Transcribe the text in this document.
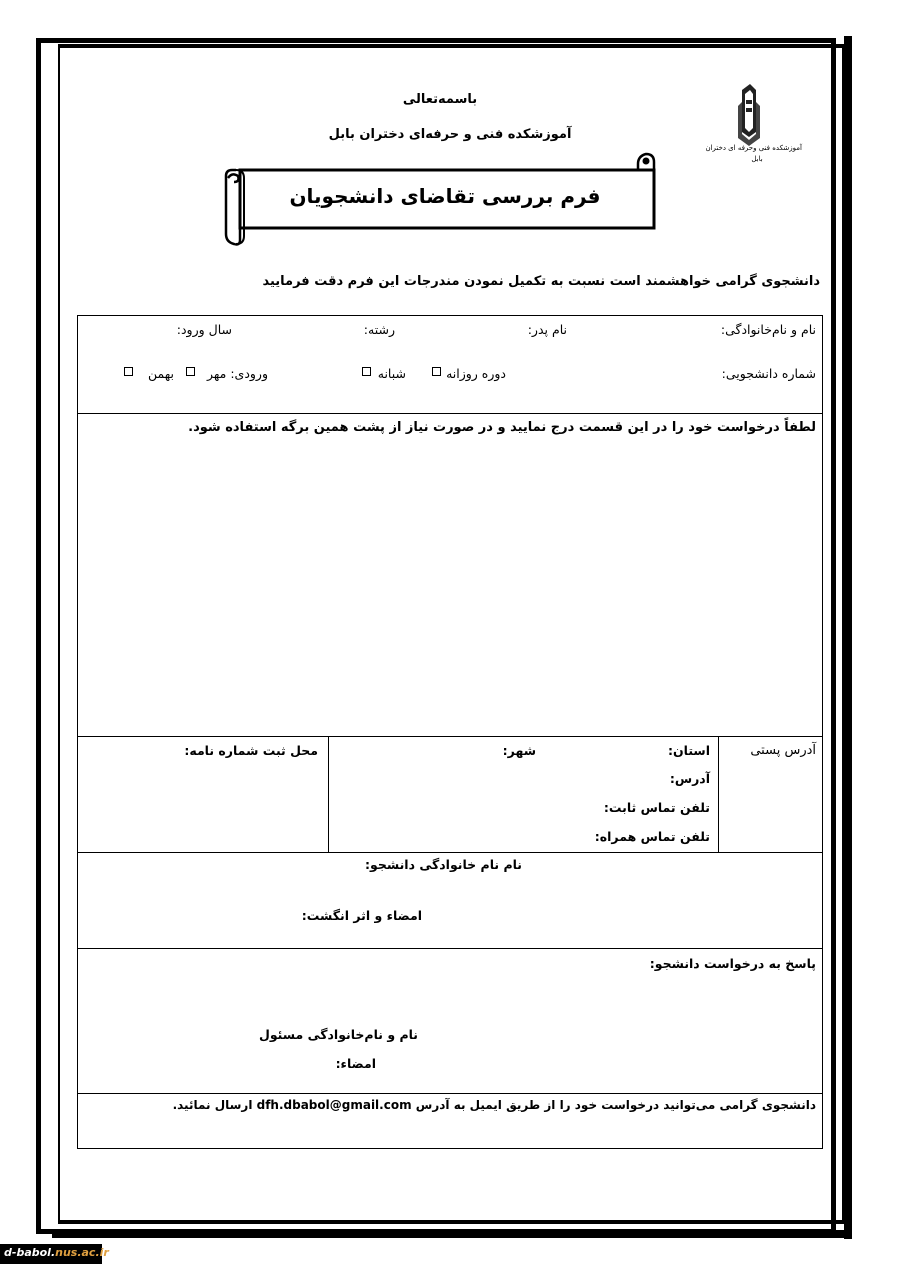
باسمه‌تعالی
آموزشکده فنی و حرفه‌ای دختران بابل
آموزشکده فنی وحرفه ای دختران
بابل
فرم بررسی تقاضای دانشجویان
دانشجوی گرامی خواهشمند است نسبت به تکمیل نمودن مندرجات این فرم دقت فرمایید
نام و نام‌خانوادگی:
نام پدر:
رشته:
سال ورود:
شماره دانشجویی:
دوره روزانه
شبانه
ورودی: مهر
بهمن
لطفاً درخواست خود را در این قسمت درج نمایید و در صورت نیاز از پشت همین برگه استفاده شود.
آدرس پستی
استان:
شهر:
آدرس:
تلفن تماس ثابت:
تلفن تماس همراه:
محل ثبت شماره نامه:
نام نام خانوادگی دانشجو:
امضاء و اثر انگشت:
پاسخ به درخواست دانشجو:
نام و نام‌خانوادگی مسئول
امضاء:
دانشجوی گرامی می‌توانید درخواست خود را از طریق ایمیل به آدرس dfh.dbabol@gmail.com ارسال نمائید.
d-babol.nus.ac.ir
